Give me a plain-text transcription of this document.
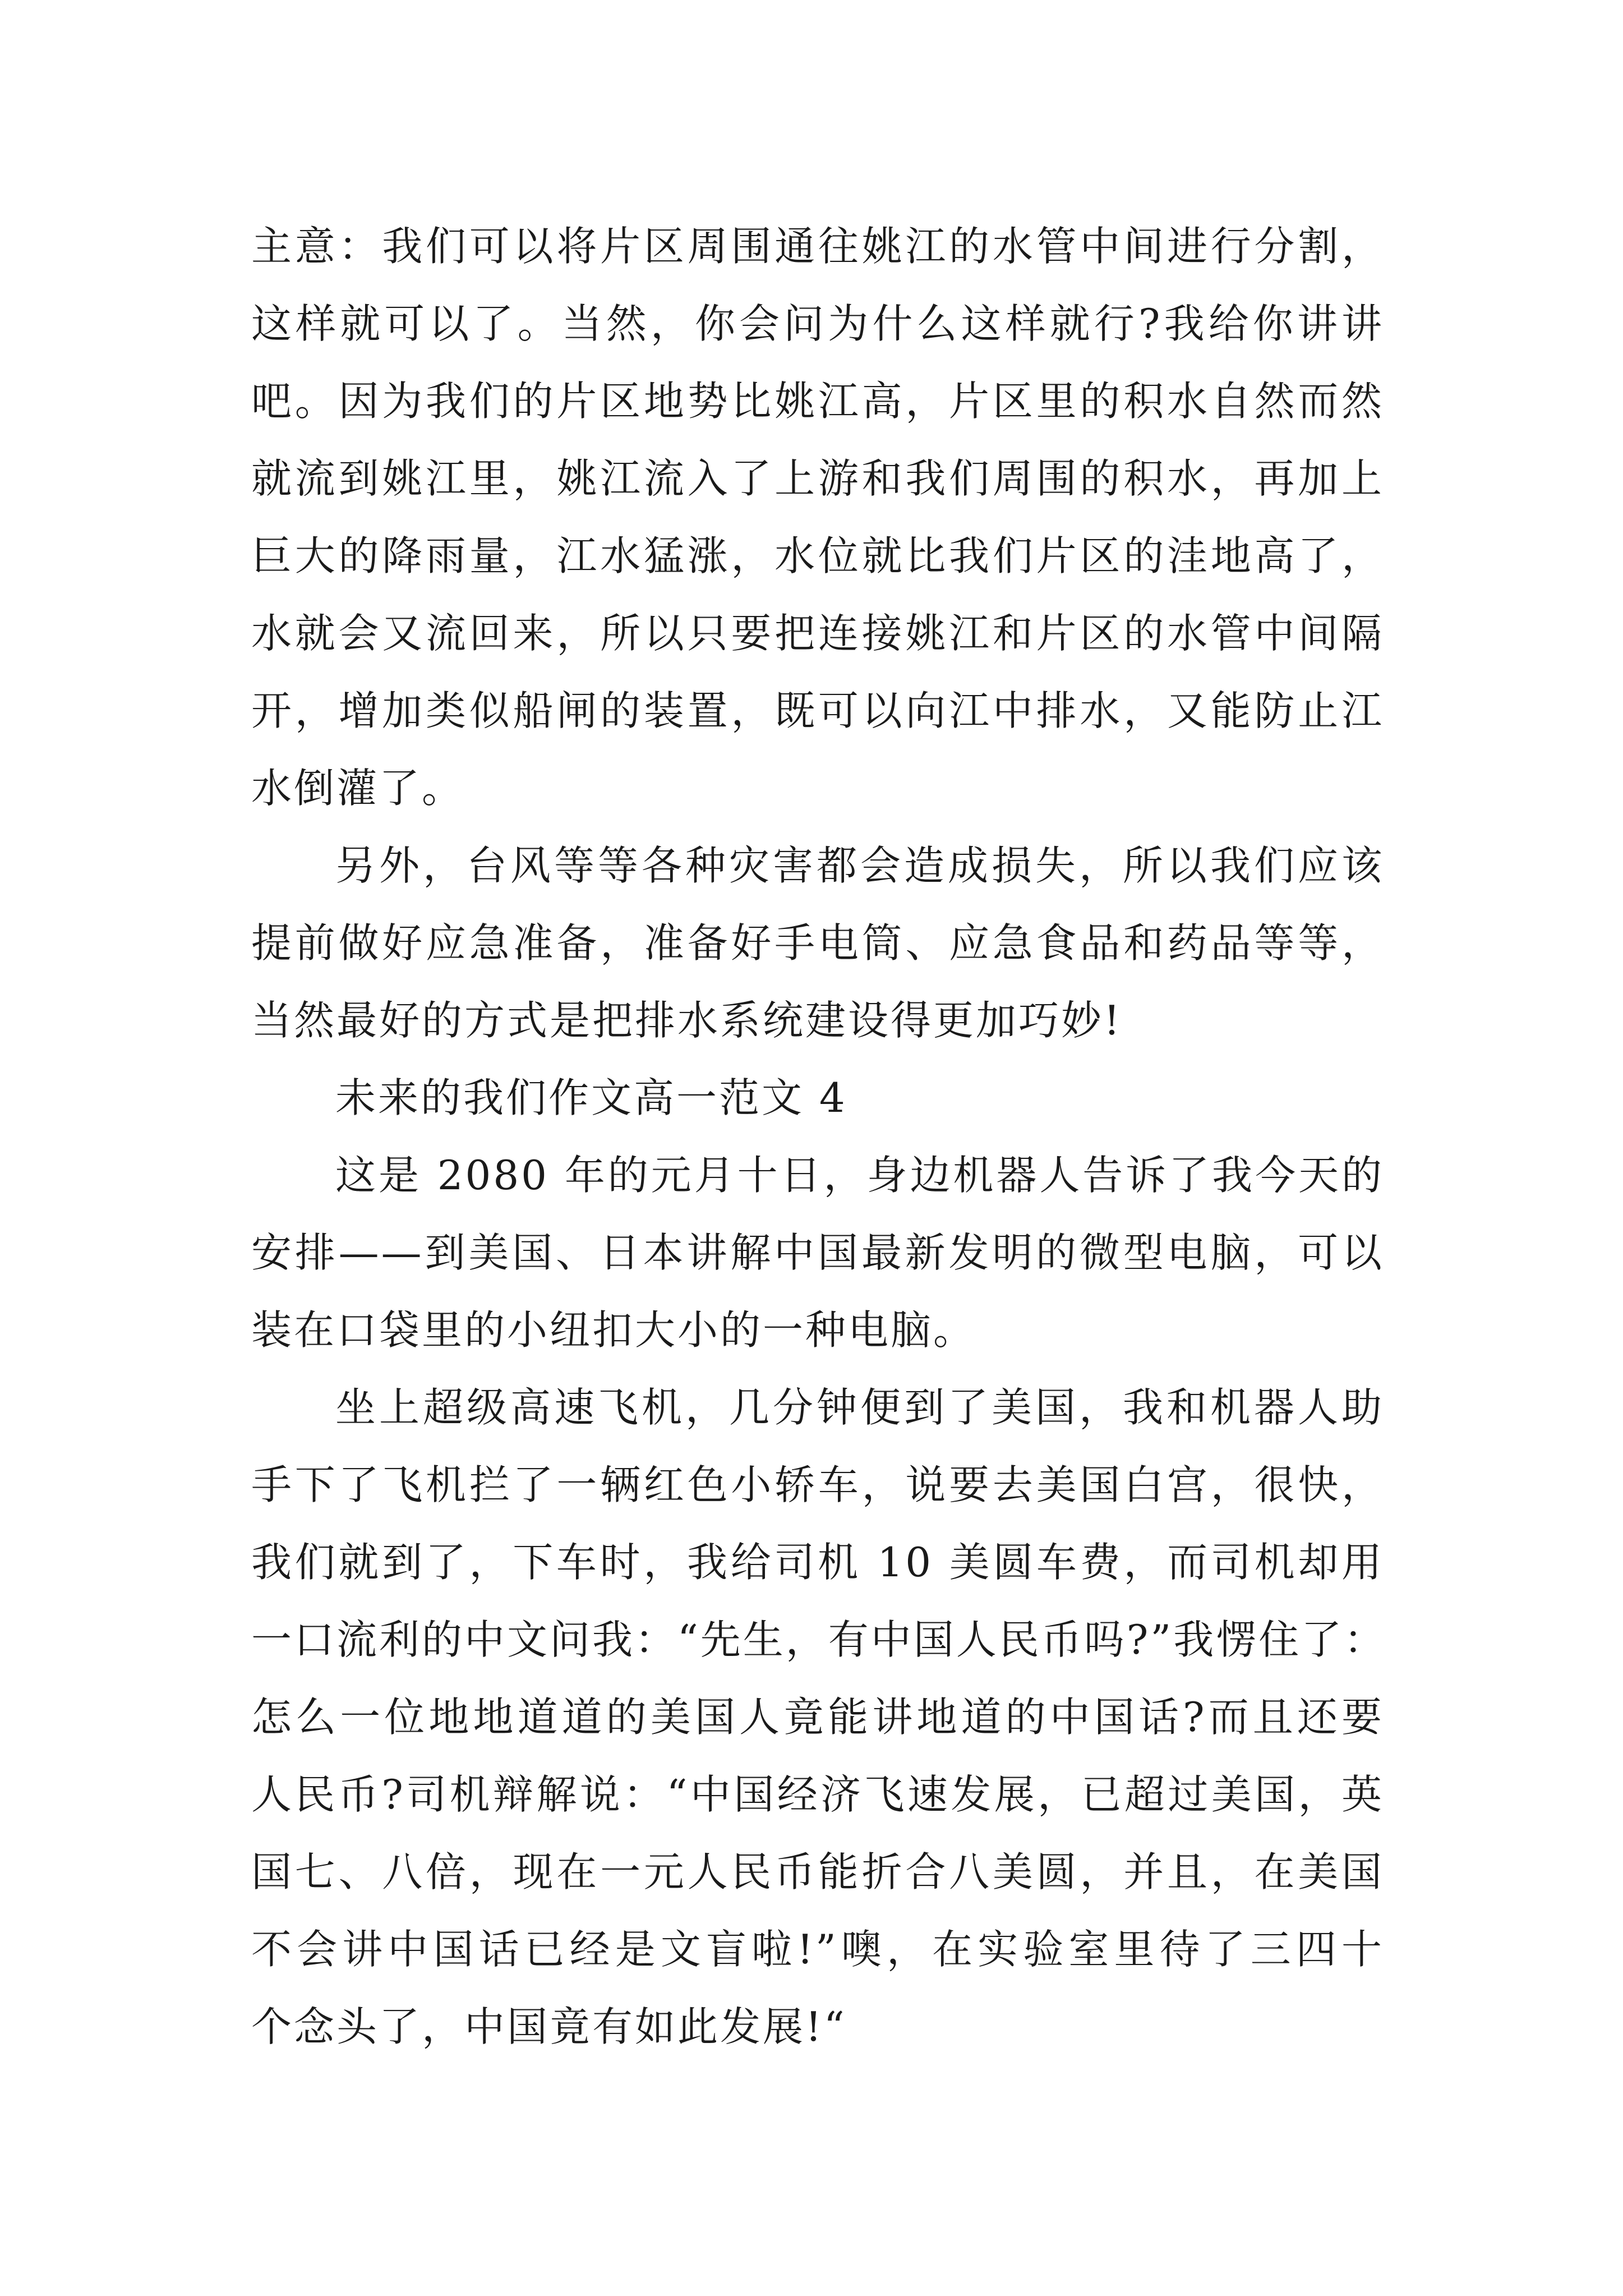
主意：我们可以将片区周围通往姚江的水管中间进行分割，
这样就可以了。当然，你会问为什么这样就行?我给你讲讲
吧。因为我们的片区地势比姚江高，片区里的积水自然而然
就流到姚江里，姚江流入了上游和我们周围的积水，再加上
巨大的降雨量，江水猛涨，水位就比我们片区的洼地高了，
水就会又流回来，所以只要把连接姚江和片区的水管中间隔
开，增加类似船闸的装置，既可以向江中排水，又能防止江
水倒灌了。
另外，台风等等各种灾害都会造成损失，所以我们应该
提前做好应急准备，准备好手电筒、应急食品和药品等等，
当然最好的方式是把排水系统建设得更加巧妙!
未来的我们作文高一范文 4
这是 2080 年的元月十日，身边机器人告诉了我今天的
安排——到美国、日本讲解中国最新发明的微型电脑，可以
装在口袋里的小纽扣大小的一种电脑。
坐上超级高速飞机，几分钟便到了美国，我和机器人助
手下了飞机拦了一辆红色小轿车，说要去美国白宫，很快，
我们就到了，下车时，我给司机 10 美圆车费，而司机却用
一口流利的中文问我：“先生，有中国人民币吗?”我愣住了：
怎么一位地地道道的美国人竟能讲地道的中国话?而且还要
人民币?司机辩解说：“中国经济飞速发展，已超过美国，英
国七、八倍，现在一元人民币能折合八美圆，并且，在美国
不会讲中国话已经是文盲啦!”噢，在实验室里待了三四十
个念头了，中国竟有如此发展!“
